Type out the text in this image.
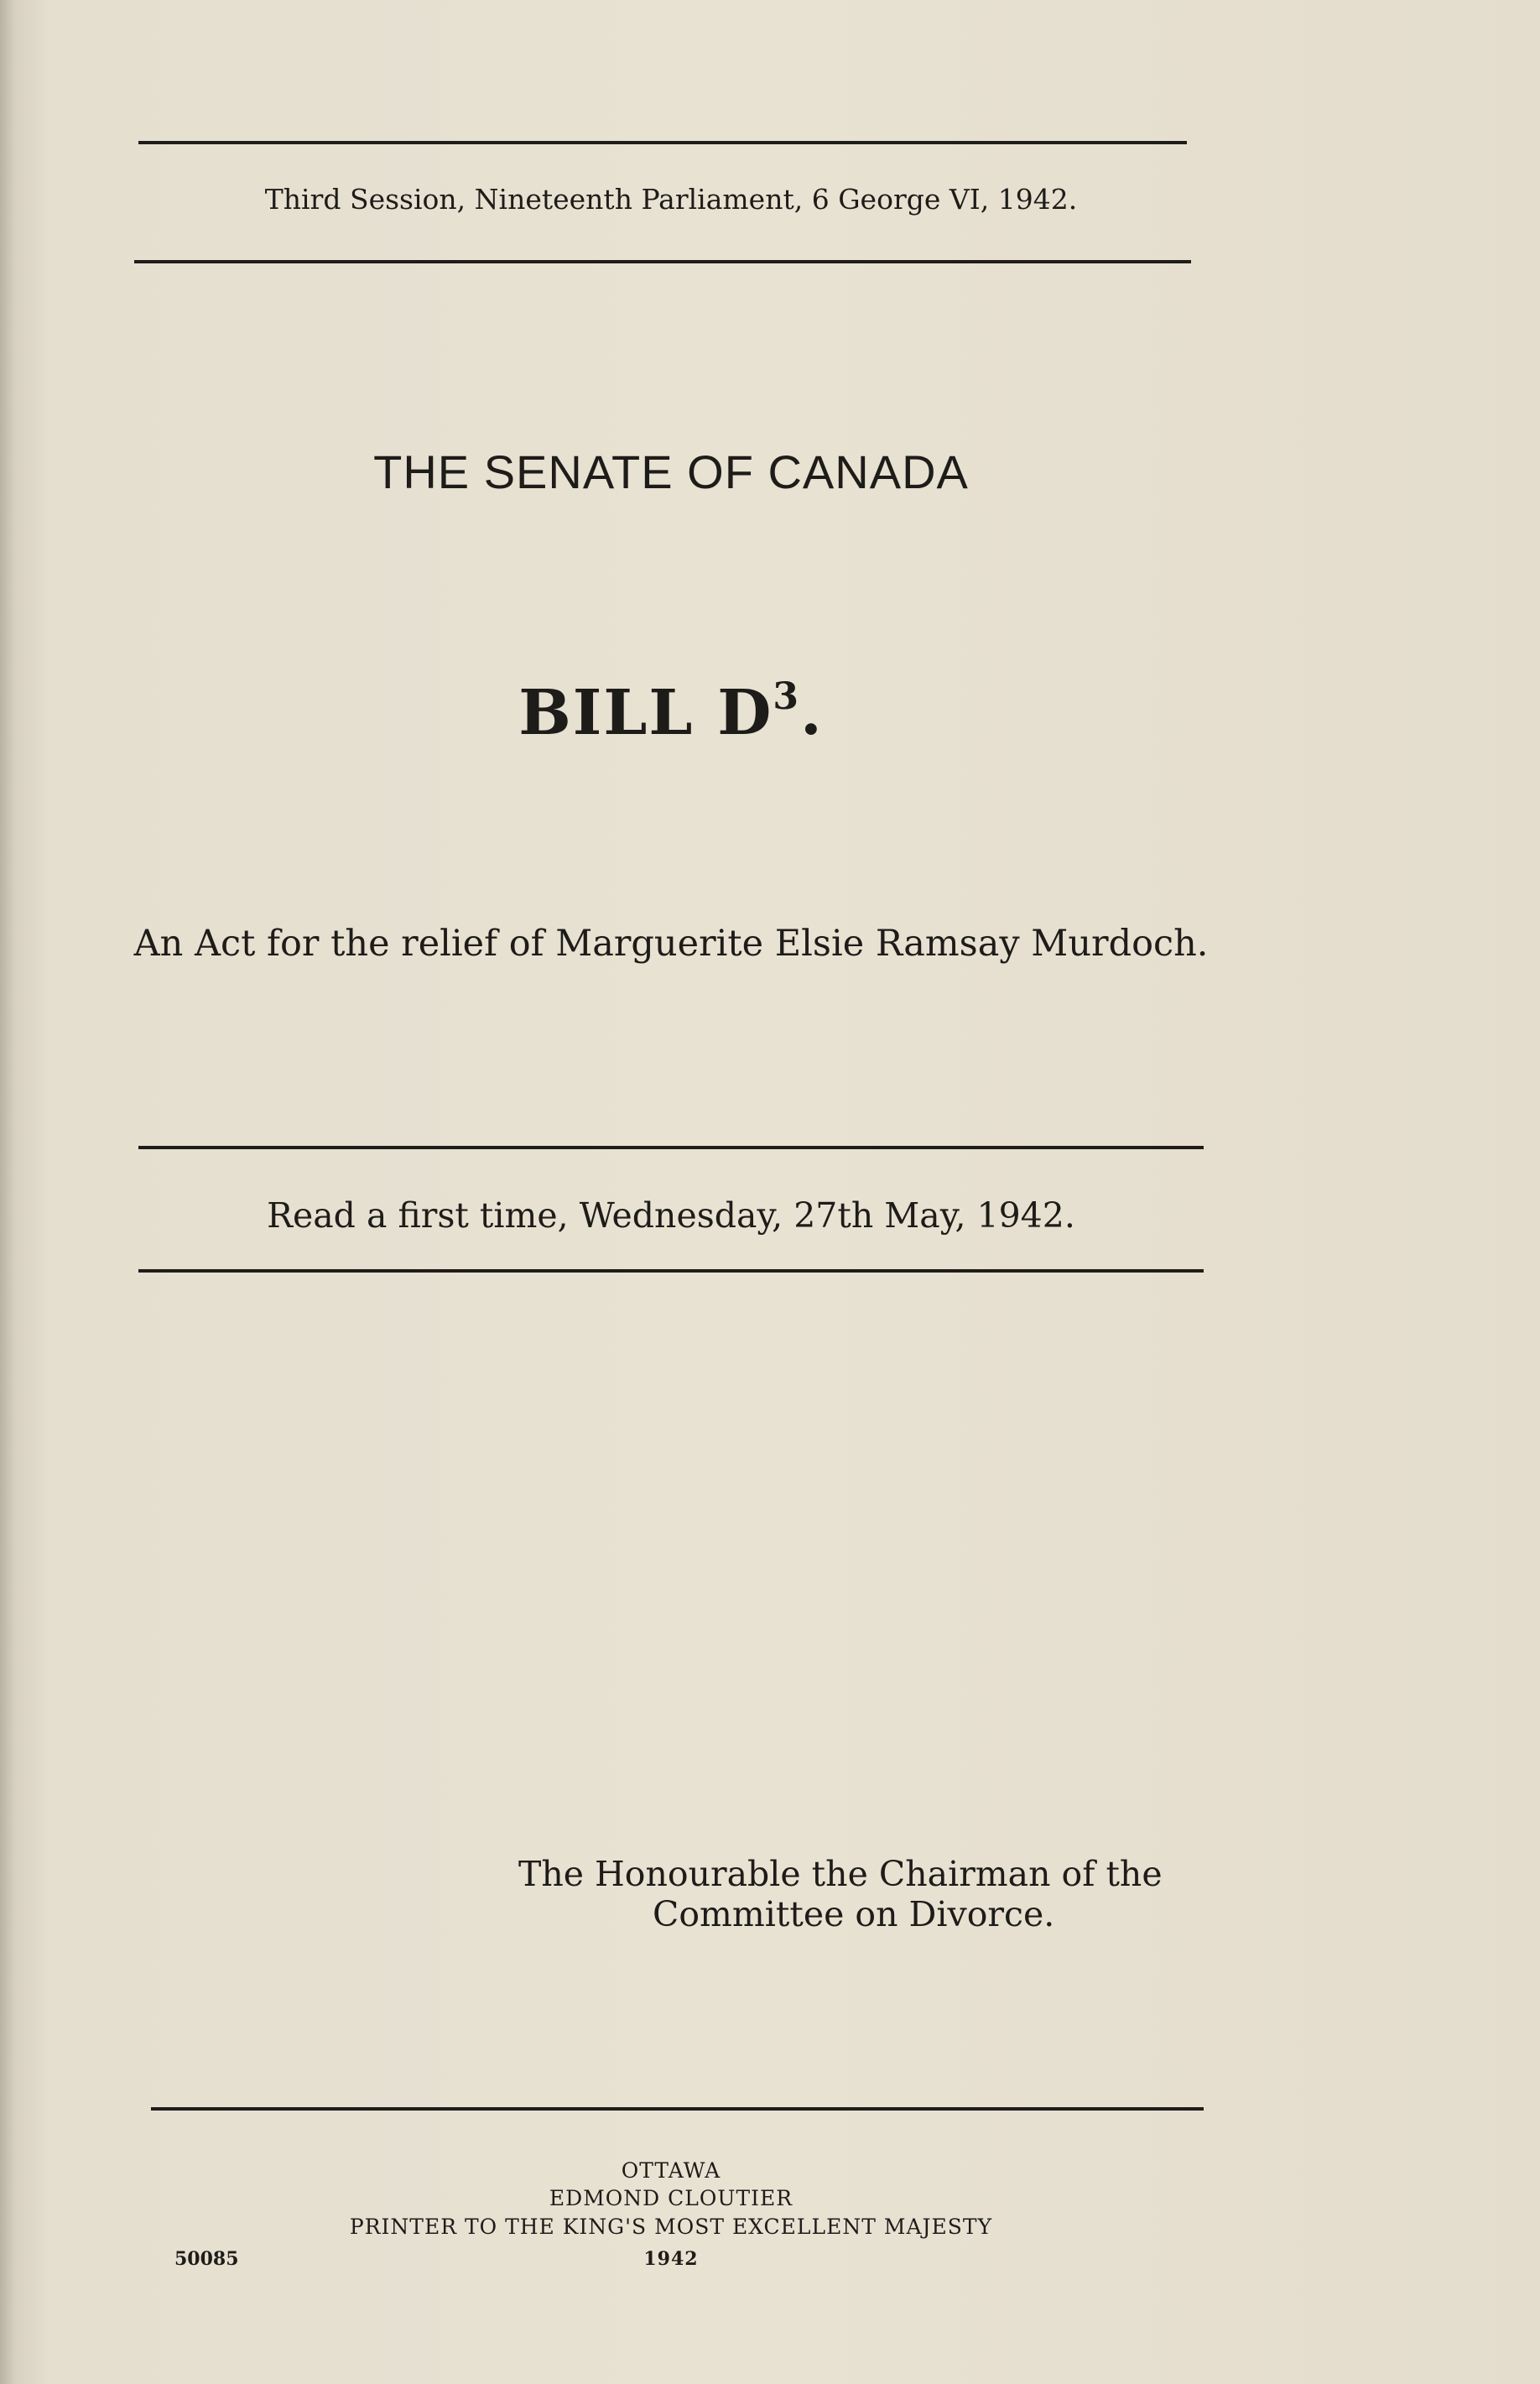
Third Session, Nineteenth Parliament, 6 George VI, 1942.
THE SENATE OF CANADA
BILL $D^3$.
An Act for the relief of Marguerite Elsie Ramsay Murdoch.
Read a first time, Wednesday, 27th May, 1942.
The Honourable the Chairman of the
Committee on Divorce.
OTTAWA
EDMOND CLOUTIER
PRINTER TO THE KING'S MOST EXCELLENT MAJESTY
1942
50085
